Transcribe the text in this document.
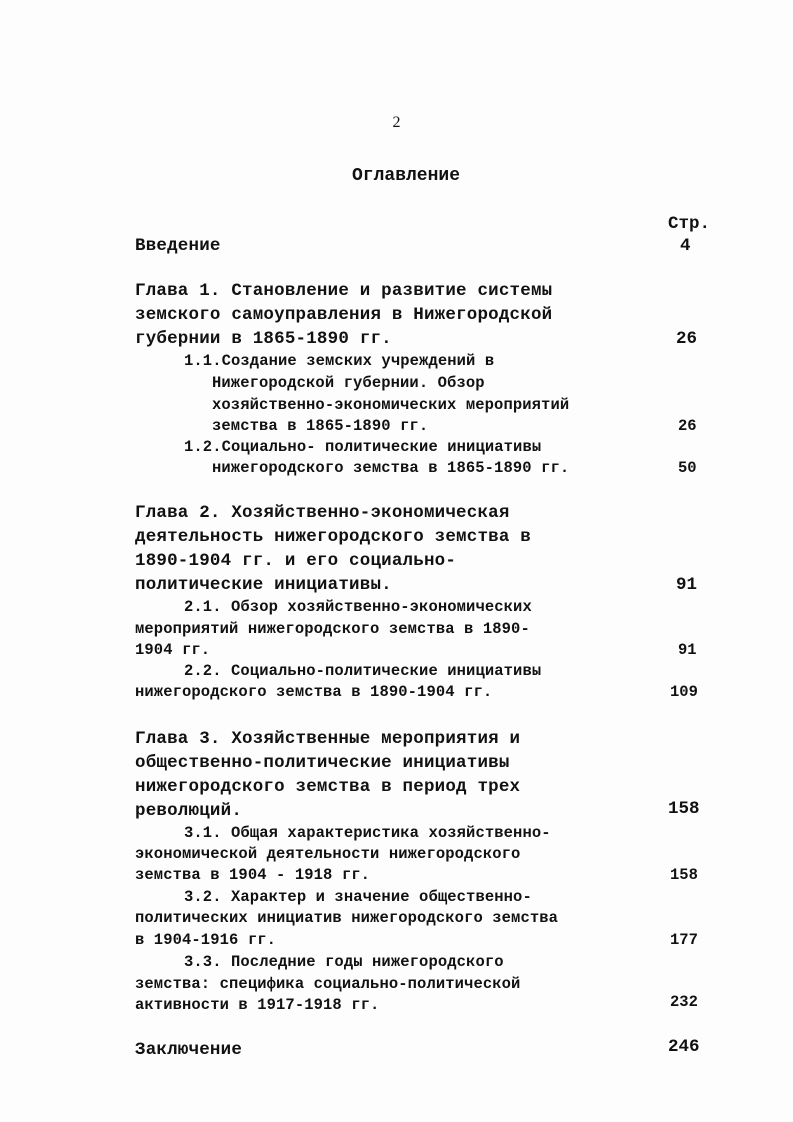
2
Оглавление
Стр.
Введение	4
Глава 1. Становление и развитие системы
земского самоуправления в Нижегородской
губернии в 1865-1890 гг.	26
1.1.Создание земских учреждений в
Нижегородской губернии. Обзор
хозяйственно-экономических мероприятий
земства в 1865-1890 гг.	26
1.2.Социально- политические инициативы
нижегородского земства в 1865-1890 гг.	50
Глава 2. Хозяйственно-экономическая
деятельность нижегородского земства в
1890-1904 гг. и его социально-
политические инициативы.	91
2.1. Обзор хозяйственно-экономических
мероприятий нижегородского земства в 1890-
1904 гг.	91
2.2. Социально-политические инициативы
нижегородского земства в 1890-1904 гг.	109
Глава 3. Хозяйственные мероприятия и
общественно-политические инициативы
нижегородского земства в период трех
революций.	158
3.1. Общая характеристика хозяйственно-
экономической деятельности нижегородского
земства в 1904 - 1918 гг.	158
3.2. Характер и значение общественно-
политических инициатив нижегородского земства
в 1904-1916 гг.	177
3.3. Последние годы нижегородского
земства: специфика социально-политической
активности в 1917-1918 гг.	232
Заключение	246
